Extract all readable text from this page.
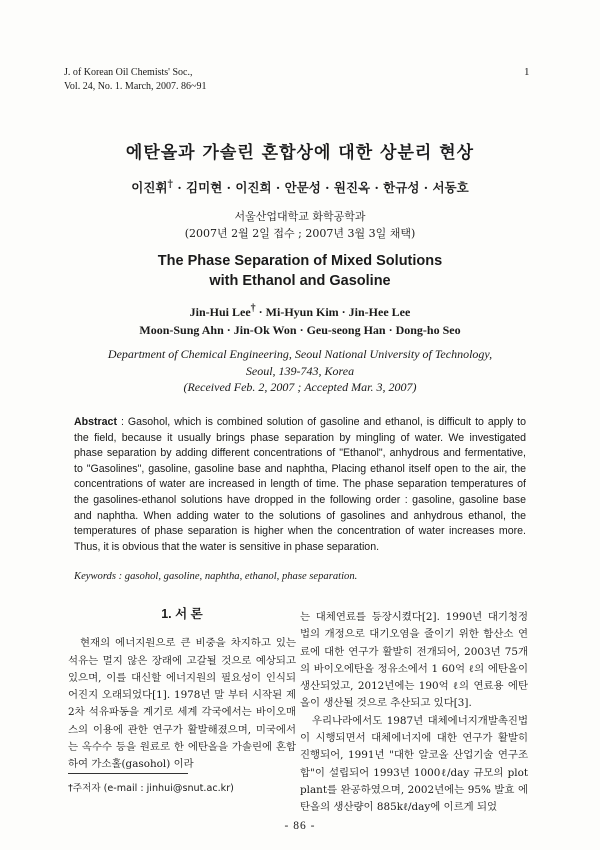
J. of Korean Oil Chemists' Soc.,
Vol. 24, No. 1. March, 2007. 86~91
1
에탄올과 가솔린 혼합상에 대한 상분리 현상
이진휘† · 김미현 · 이진희 · 안문성 · 원진옥 · 한규성 · 서동호
서울산업대학교 화학공학과
(2007년 2월 2일 접수 ; 2007년 3월 3일 채택)
The Phase Separation of Mixed Solutions
with Ethanol and Gasoline
Jin-Hui Lee† · Mi-Hyun Kim · Jin-Hee Lee
Moon-Sung Ahn · Jin-Ok Won · Geu-seong Han · Dong-ho Seo
Department of Chemical Engineering, Seoul National University of Technology,
Seoul, 139-743, Korea
(Received Feb. 2, 2007 ; Accepted Mar. 3, 2007)
Abstract : Gasohol, which is combined solution of gasoline and ethanol, is difficult to apply to the field, because it usually brings phase separation by mingling of water. We investigated phase separation by adding different concentrations of "Ethanol", anhydrous and fermentative, to "Gasolines", gasoline, gasoline base and naphtha, Placing ethanol itself open to the air, the concentrations of water are increased in length of time. The phase separation temperatures of the gasolines-ethanol solutions have dropped in the following order : gasoline, gasoline base and naphtha. When adding water to the solutions of gasolines and anhydrous ethanol, the temperatures of phase separation is higher when the concentration of water increases more. Thus, it is obvious that the water is sensitive in phase separation.
Keywords : gasohol, gasoline, naphtha, ethanol, phase separation.
1. 서 론

현재의 에너지원으로 큰 비중을 차지하고 있는 석유는 멀지 않은 장래에 고갈될 것으로 예상되고 있으며, 이를 대신할 에너지원의 필요성이 인식되어진지 오래되었다[1]. 1978년 말 부터 시작된 제2차 석유파동을 계기로 세계 각국에서는 바이오매스의 이용에 관한 연구가 활발해졌으며, 미국에서는 옥수수 등을 원료로 한 에탄올을 가솔린에 혼합하여 가소홀(gasohol) 이라

는 대체연료를 등장시켰다[2]. 1990년 대기청정법의 개정으로 대기오염을 줄이기 위한 함산소 연료에 대한 연구가 활발히 전개되어, 2003년 75개의 바이오에탄올 정유소에서 1 60억 ℓ의 에탄올이 생산되었고, 2012년에는 190억 ℓ의 연료용 에탄올이 생산될 것으로 추산되고 있다[3].

우리나라에서도 1987년 대체에너지개발촉진법이 시행되면서 대체에너지에 대한 연구가 활발히 진행되어, 1991년 "대한 알코올 산업기술 연구조합"이 설립되어 1993년 1000ℓ/day 규모의 plot plant를 완공하였으며, 2002년에는 95% 발효 에탄올의 생산량이 885kℓ/day에 이르게 되었

†주저자 (e-mail : jinhui@snut.ac.kr)
- 86 -
